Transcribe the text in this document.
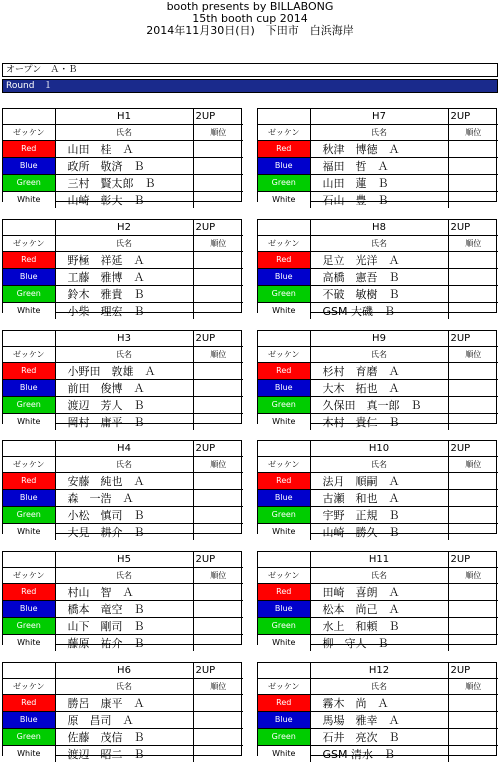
booth presents by BILLABONG
15th booth cup 2014
2014年11月30日(日)　下田市　白浜海岸
オープン　Ａ・Ｂ
Round　１
	H1	2UP
ゼッケン	氏名	順位
Red	山田　桂　Ａ	
Blue	政所　敬済　Ｂ	
Green	三村　賢太郎　Ｂ	
White	山崎　彰大　Ｂ	
	H7	2UP
ゼッケン	氏名	順位
Red	秋津　博徳　Ａ	
Blue	福田　哲　Ａ	
Green	山田　蓮　Ｂ	
White	石山　豊　Ｂ	
	H2	2UP
ゼッケン	氏名	順位
Red	野極　祥延　Ａ	
Blue	工藤　雅博　Ａ	
Green	鈴木　雅貴　Ｂ	
White	小柴　理宏　Ｂ	
	H8	2UP
ゼッケン	氏名	順位
Red	足立　光洋　Ａ	
Blue	高橋　憲吾　Ｂ	
Green	不破　敏樹　Ｂ	
White	GSM 大磯　Ｂ	
	H3	2UP
ゼッケン	氏名	順位
Red	小野田　敦雄　Ａ	
Blue	前田　俊博　Ａ	
Green	渡辺　芳人　Ｂ	
White	岡村　庸平　Ｂ	
	H9	2UP
ゼッケン	氏名	順位
Red	杉村　育磨　Ａ	
Blue	大木　拓也　Ａ	
Green	久保田　真一郎　Ｂ	
White	木村　貴仁　Ｂ	
	H4	2UP
ゼッケン	氏名	順位
Red	安藤　純也　Ａ	
Blue	森　一浩　Ａ	
Green	小松　慎司　Ｂ	
White	大見　耕介　Ｂ	
	H10	2UP
ゼッケン	氏名	順位
Red	法月　順嗣　Ａ	
Blue	古瀬　和也　Ａ	
Green	宇野　正規　Ｂ	
White	山崎　勝久　Ｂ	
	H5	2UP
ゼッケン	氏名	順位
Red	村山　智　Ａ	
Blue	橋本　竜空　Ｂ	
Green	山下　剛司　Ｂ	
White	藤原　祐介　Ｂ	
	H11	2UP
ゼッケン	氏名	順位
Red	田崎　喜朗　Ａ	
Blue	松本　尚己　Ａ	
Green	水上　和頼　Ｂ	
White	柳　守人　Ｂ	
	H6	2UP
ゼッケン	氏名	順位
Red	勝呂　康平　Ａ	
Blue	原　昌司　Ａ	
Green	佐藤　茂信　Ｂ	
White	渡辺　昭二　Ｂ	
	H12	2UP
ゼッケン	氏名	順位
Red	霧木　尚　Ａ	
Blue	馬場　雅幸　Ａ	
Green	石井　亮次　Ｂ	
White	GSM 清水　Ｂ	
